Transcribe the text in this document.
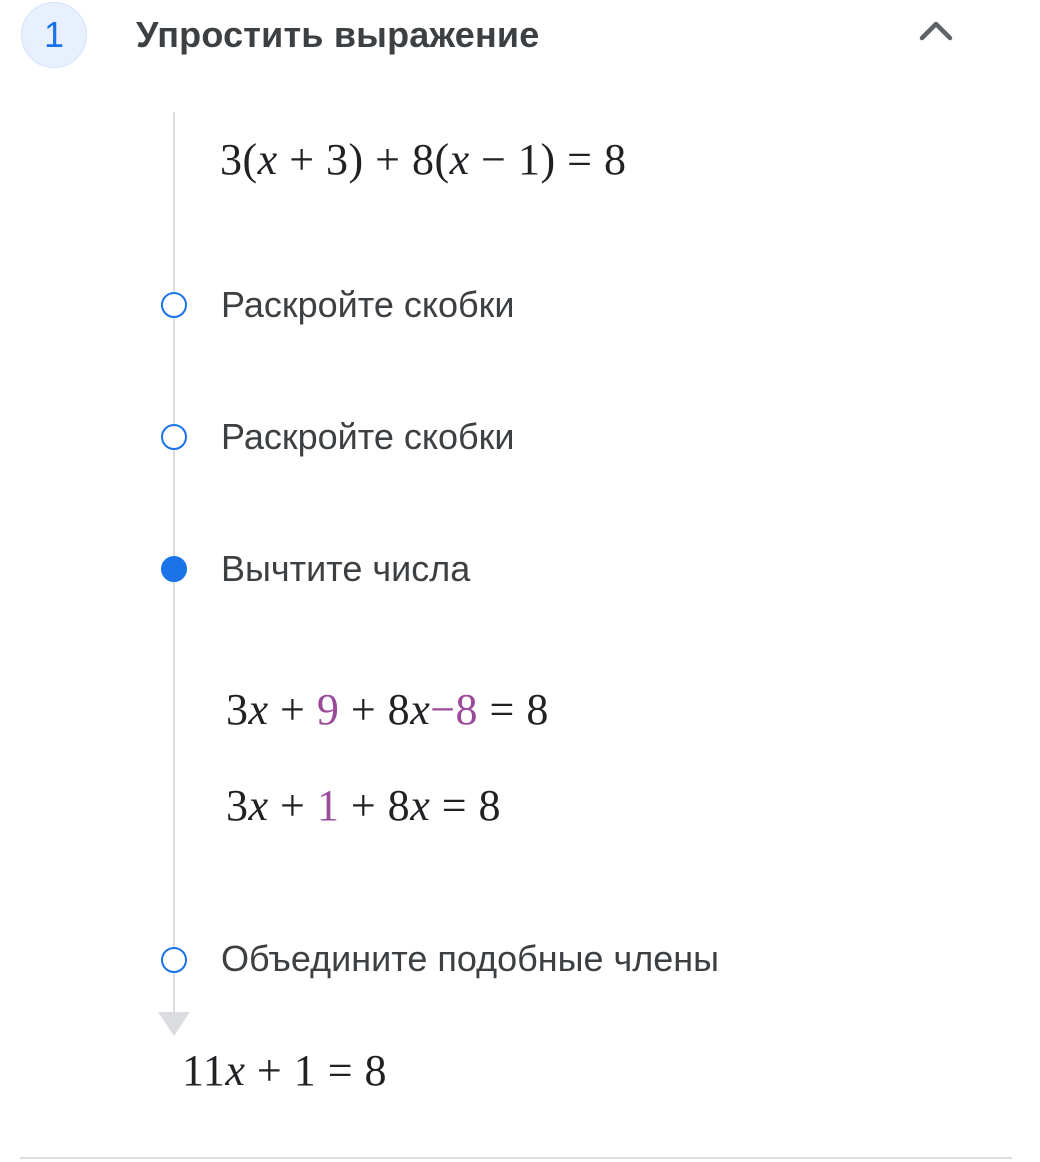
1 Упростить выражение
3(x + 3) + 8(x − 1) = 8
Раскройте скобки
Раскройте скобки
Вычтите числа
3x + 9 + 8x−8 = 8
3x + 1 + 8x = 8
Объедините подобные члены
11x + 1 = 8
